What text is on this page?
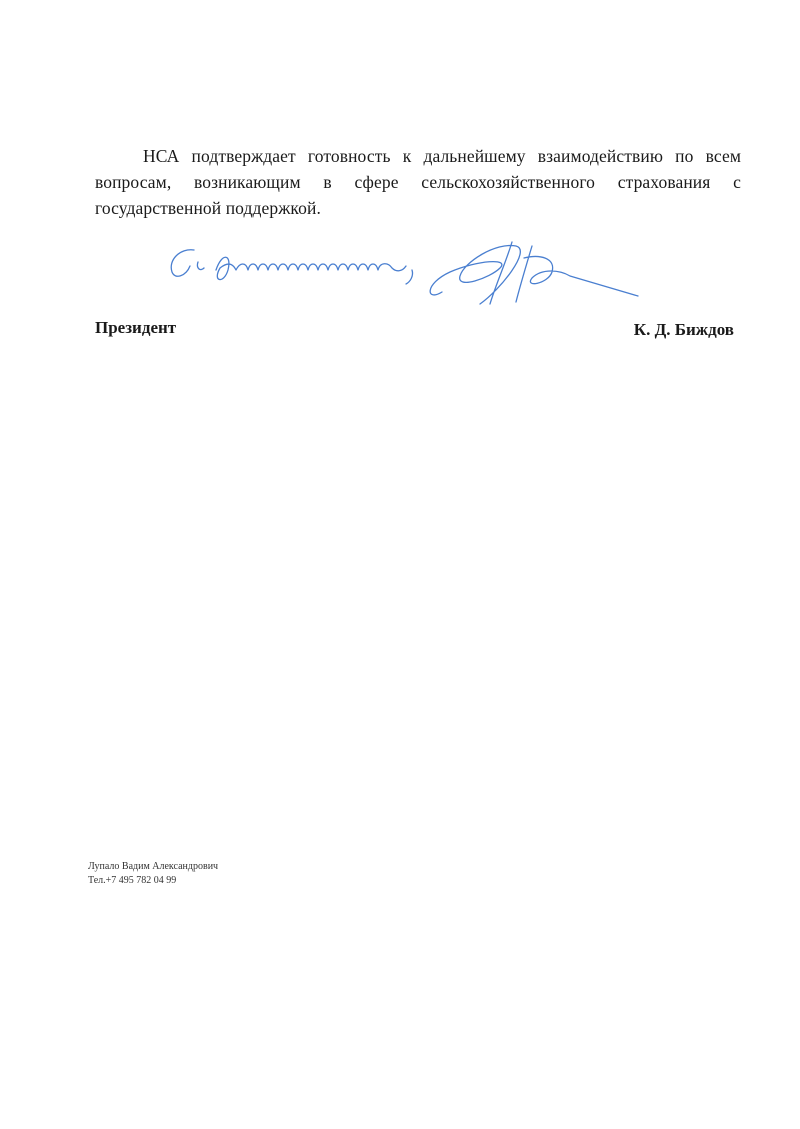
НСА подтверждает готовность к дальнейшему взаимодействию по всем вопросам, возникающим в сфере сельскохозяйственного страхования с государственной поддержкой.

Президент	К. Д. Биждов

Лупало Вадим Александрович
Тел.+7 495 782 04 99
